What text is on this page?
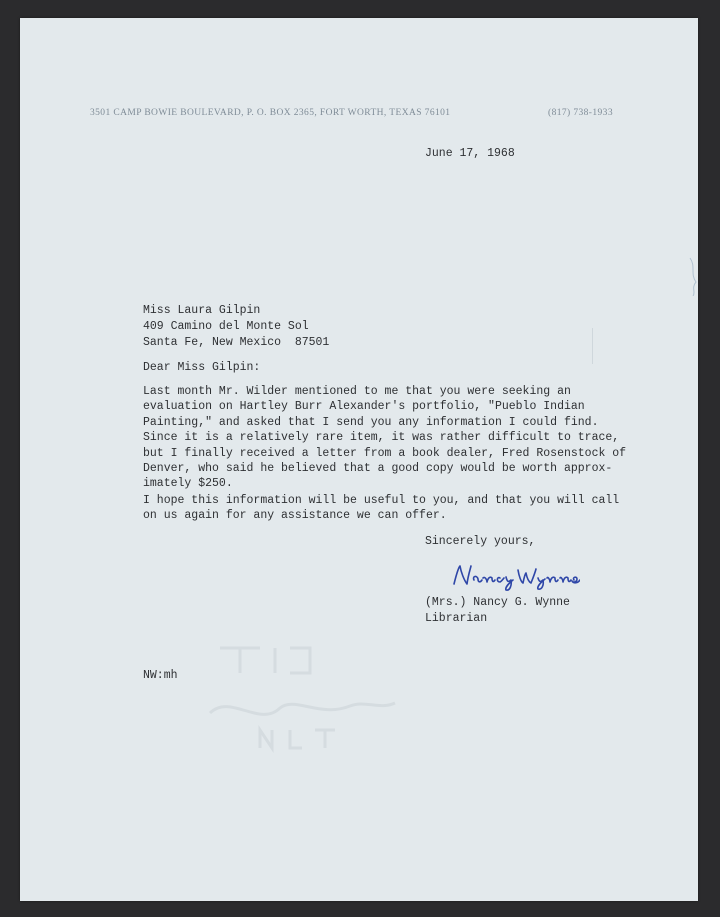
3501 CAMP BOWIE BOULEVARD, P. O. BOX 2365, FORT WORTH, TEXAS 76101	(817) 738-1933
June 17, 1968
Miss Laura Gilpin
409 Camino del Monte Sol
Santa Fe, New Mexico  87501
Dear Miss Gilpin:
Last month Mr. Wilder mentioned to me that you were seeking an
evaluation on Hartley Burr Alexander's portfolio, "Pueblo Indian
Painting," and asked that I send you any information I could find.
Since it is a relatively rare item, it was rather difficult to trace,
but I finally received a letter from a book dealer, Fred Rosenstock of
Denver, who said he believed that a good copy would be worth approx-
imately $250.
I hope this information will be useful to you, and that you will call
on us again for any assistance we can offer.
Sincerely yours,
(Mrs.) Nancy G. Wynne
Librarian
NW:mh
